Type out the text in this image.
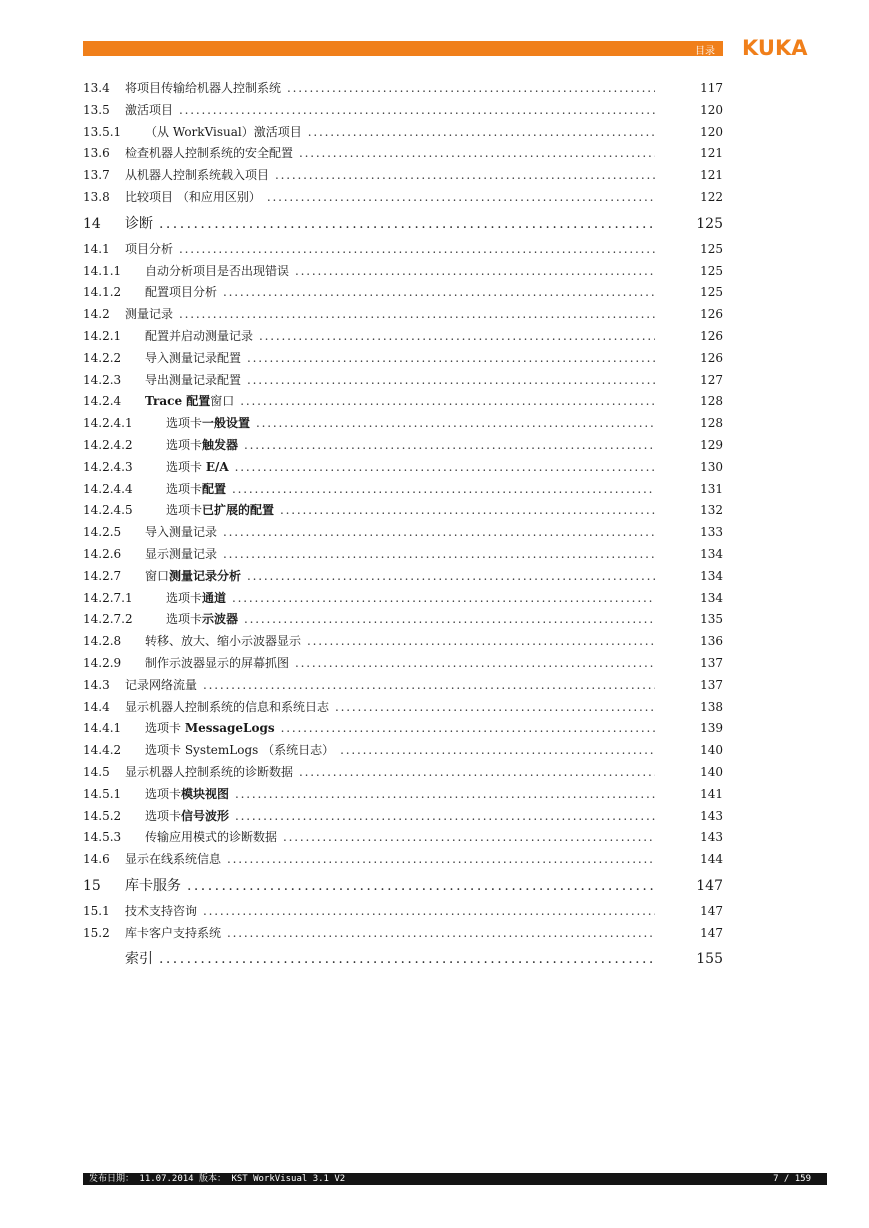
目录 KUKA
13.4	将项目传输给机器人控制系统 . . .	117
13.5	激活项目 . . .	120
13.5.1	（从 WorkVisual）激活项目 . . .	120
13.6	检查机器人控制系统的安全配置 . . .	121
13.7	从机器人控制系统载入项目 . . .	121
13.8	比较项目 （和应用区别） . . .	122
14	诊断 . . .	125
14.1	项目分析 . . .	125
14.1.1	自动分析项目是否出现错误 . . .	125
14.1.2	配置项目分析 . . .	125
14.2	测量记录 . . .	126
14.2.1	配置并启动测量记录 . . .	126
14.2.2	导入测量记录配置 . . .	126
14.2.3	导出测量记录配置 . . .	127
14.2.4	Trace 配置窗口 . . .	128
14.2.4.1	选项卡一般设置 . . .	128
14.2.4.2	选项卡触发器 . . .	129
14.2.4.3	选项卡 E/A . . .	130
14.2.4.4	选项卡配置 . . .	131
14.2.4.5	选项卡已扩展的配置 . . .	132
14.2.5	导入测量记录 . . .	133
14.2.6	显示测量记录 . . .	134
14.2.7	窗口测量记录分析 . . .	134
14.2.7.1	选项卡通道 . . .	134
14.2.7.2	选项卡示波器 . . .	135
14.2.8	转移、放大、缩小示波器显示 . . .	136
14.2.9	制作示波器显示的屏幕抓图 . . .	137
14.3	记录网络流量 . . .	137
14.4	显示机器人控制系统的信息和系统日志 . . .	138
14.4.1	选项卡 MessageLogs . . .	139
14.4.2	选项卡 SystemLogs （系统日志） . . .	140
14.5	显示机器人控制系统的诊断数据 . . .	140
14.5.1	选项卡模块视图 . . .	141
14.5.2	选项卡信号波形 . . .	143
14.5.3	传输应用模式的诊断数据 . . .	143
14.6	显示在线系统信息 . . .	144
15	库卡服务 . . .	147
15.1	技术支持咨询 . . .	147
15.2	库卡客户支持系统 . . .	147
索引 . . .	155
发布日期： 11.07.2014 版本： KST WorkVisual 3.1 V2	7 / 159
